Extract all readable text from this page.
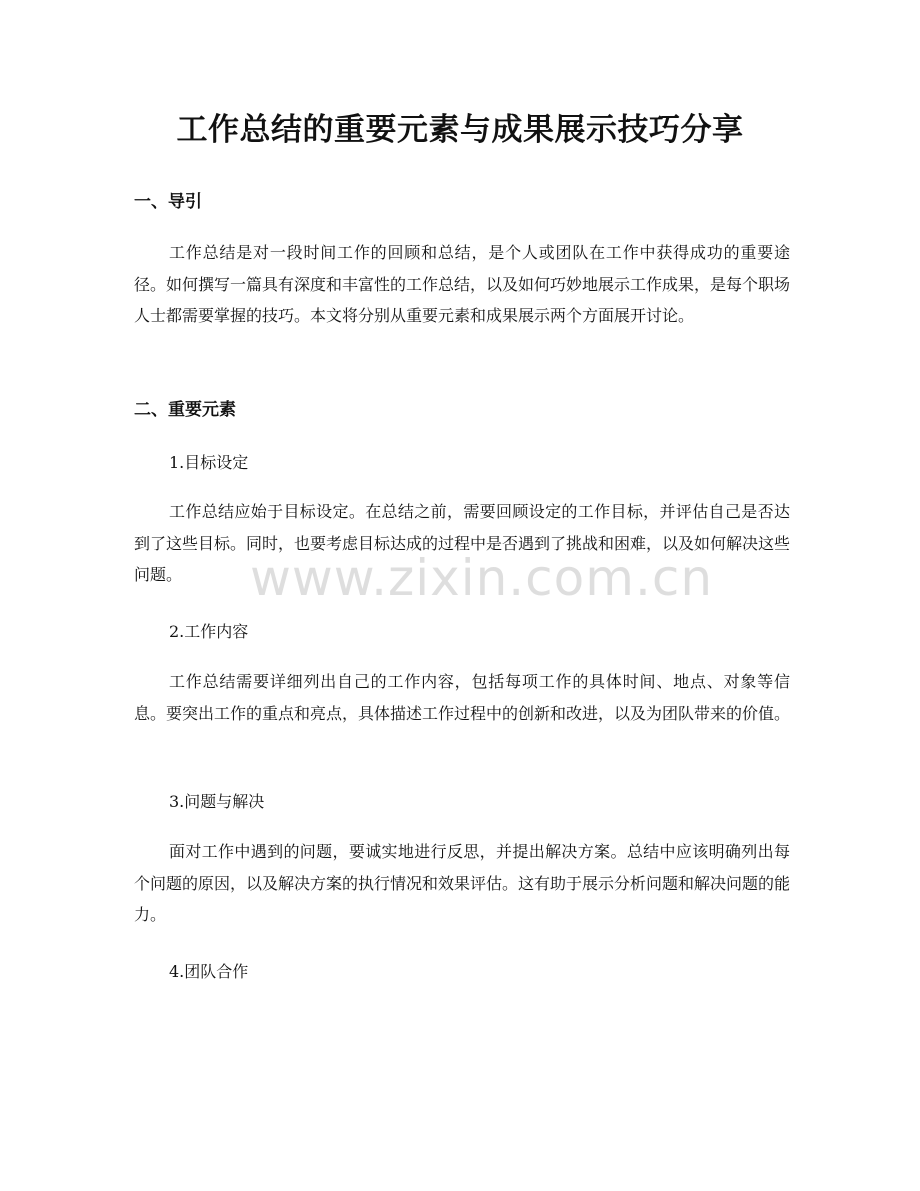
工作总结的重要元素与成果展示技巧分享
一、导引

工作总结是对一段时间工作的回顾和总结，是个人或团队在工作中获得成功的重要途径。如何撰写一篇具有深度和丰富性的工作总结，以及如何巧妙地展示工作成果，是每个职场人士都需要掌握的技巧。本文将分别从重要元素和成果展示两个方面展开讨论。

二、重要元素
1.目标设定

工作总结应始于目标设定。在总结之前，需要回顾设定的工作目标，并评估自己是否达到了这些目标。同时，也要考虑目标达成的过程中是否遇到了挑战和困难，以及如何解决这些问题。

2.工作内容

工作总结需要详细列出自己的工作内容，包括每项工作的具体时间、地点、对象等信息。要突出工作的重点和亮点，具体描述工作过程中的创新和改进，以及为团队带来的价值。

3.问题与解决

面对工作中遇到的问题，要诚实地进行反思，并提出解决方案。总结中应该明确列出每个问题的原因，以及解决方案的执行情况和效果评估。这有助于展示分析问题和解决问题的能力。

4.团队合作
www.zixin.com.cn
